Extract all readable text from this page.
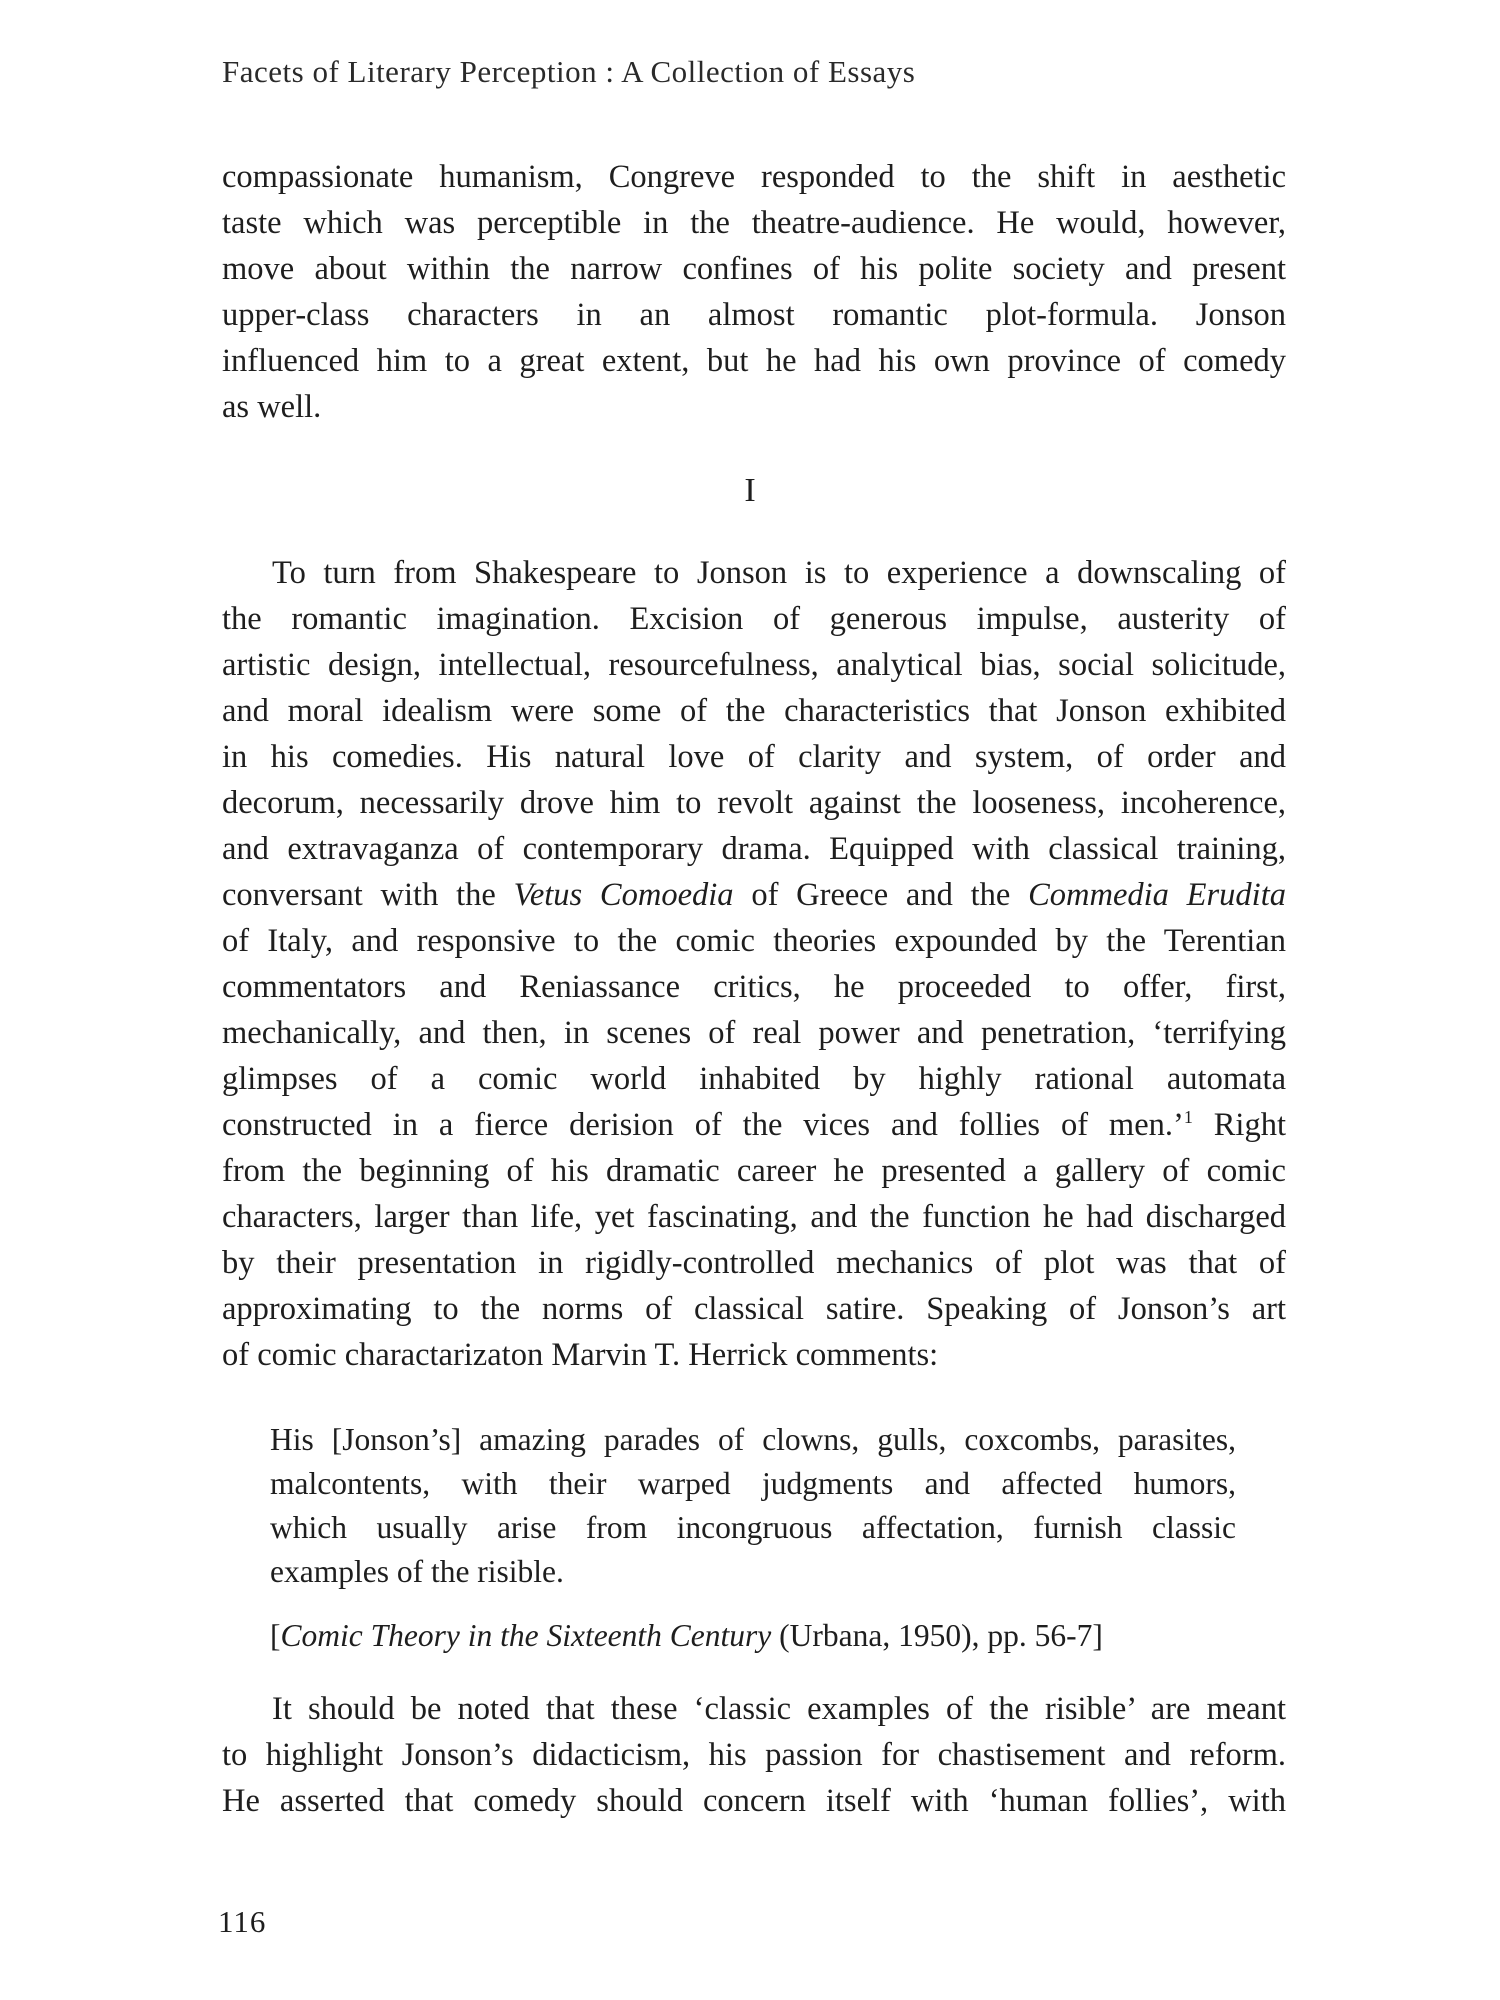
Facets of Literary Perception : A Collection of Essays
compassionate humanism, Congreve responded to the shift in aesthetic
taste which was perceptible in the theatre-audience. He would, however,
move about within the narrow confines of his polite society and present
upper-class characters in an almost romantic plot-formula. Jonson
influenced him to a great extent, but he had his own province of comedy
as well.
I
To turn from Shakespeare to Jonson is to experience a downscaling of
the romantic imagination. Excision of generous impulse, austerity of
artistic design, intellectual, resourcefulness, analytical bias, social solicitude,
and moral idealism were some of the characteristics that Jonson exhibited
in his comedies. His natural love of clarity and system, of order and
decorum, necessarily drove him to revolt against the looseness, incoherence,
and extravaganza of contemporary drama. Equipped with classical training,
conversant with the Vetus Comoedia of Greece and the Commedia Erudita
of Italy, and responsive to the comic theories expounded by the Terentian
commentators and Reniassance critics, he proceeded to offer, first,
mechanically, and then, in scenes of real power and penetration, ‘terrifying
glimpses of a comic world inhabited by highly rational automata
constructed in a fierce derision of the vices and follies of men.’$^1$ Right
from the beginning of his dramatic career he presented a gallery of comic
characters, larger than life, yet fascinating, and the function he had discharged
by their presentation in rigidly-controlled mechanics of plot was that of
approximating to the norms of classical satire. Speaking of Jonson’s art
of comic charactarizaton Marvin T. Herrick comments:
His [Jonson’s] amazing parades of clowns, gulls, coxcombs, parasites,
malcontents, with their warped judgments and affected humors,
which usually arise from incongruous affectation, furnish classic
examples of the risible.
[Comic Theory in the Sixteenth Century (Urbana, 1950), pp. 56-7]
It should be noted that these ‘classic examples of the risible’ are meant
to highlight Jonson’s didacticism, his passion for chastisement and reform.
He asserted that comedy should concern itself with ‘human follies’, with
116
